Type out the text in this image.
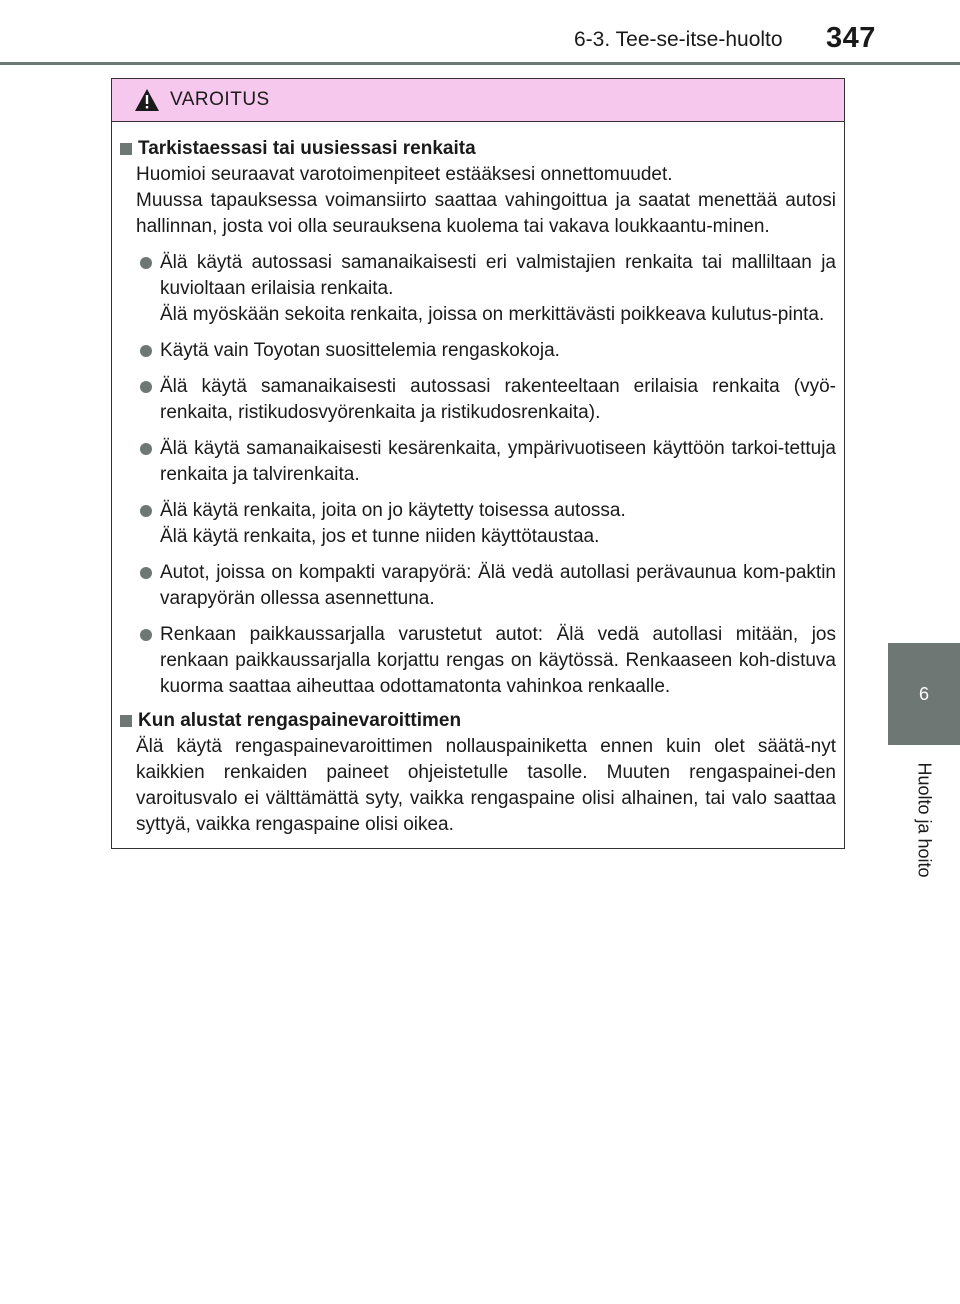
6-3. Tee-se-itse-huolto 347
6
Huolto ja hoito
VAROITUS
Tarkistaessasi tai uusiessasi renkaita
Huomioi seuraavat varotoimenpiteet estääksesi onnettomuudet.
Muussa tapauksessa voimansiirto saattaa vahingoittua ja saatat menettää autosi hallinnan, josta voi olla seurauksena kuolema tai vakava loukkaantu-minen.
Älä käytä autossasi samanaikaisesti eri valmistajien renkaita tai malliltaan ja kuvioltaan erilaisia renkaita.
Älä myöskään sekoita renkaita, joissa on merkittävästi poikkeava kulutus-pinta.
Käytä vain Toyotan suosittelemia rengaskokoja.
Älä käytä samanaikaisesti autossasi rakenteeltaan erilaisia renkaita (vyö-renkaita, ristikudosvyörenkaita ja ristikudosrenkaita).
Älä käytä samanaikaisesti kesärenkaita, ympärivuotiseen käyttöön tarkoi-tettuja renkaita ja talvirenkaita.
Älä käytä renkaita, joita on jo käytetty toisessa autossa.
Älä käytä renkaita, jos et tunne niiden käyttötaustaa.
Autot, joissa on kompakti varapyörä: Älä vedä autollasi perävaunua kom-paktin varapyörän ollessa asennettuna.
Renkaan paikkaussarjalla varustetut autot: Älä vedä autollasi mitään, jos renkaan paikkaussarjalla korjattu rengas on käytössä. Renkaaseen koh-distuva kuorma saattaa aiheuttaa odottamatonta vahinkoa renkaalle.
Kun alustat rengaspainevaroittimen
Älä käytä rengaspainevaroittimen nollauspainiketta ennen kuin olet säätä-nyt kaikkien renkaiden paineet ohjeistetulle tasolle. Muuten rengaspainei-den varoitusvalo ei välttämättä syty, vaikka rengaspaine olisi alhainen, tai valo saattaa syttyä, vaikka rengaspaine olisi oikea.
